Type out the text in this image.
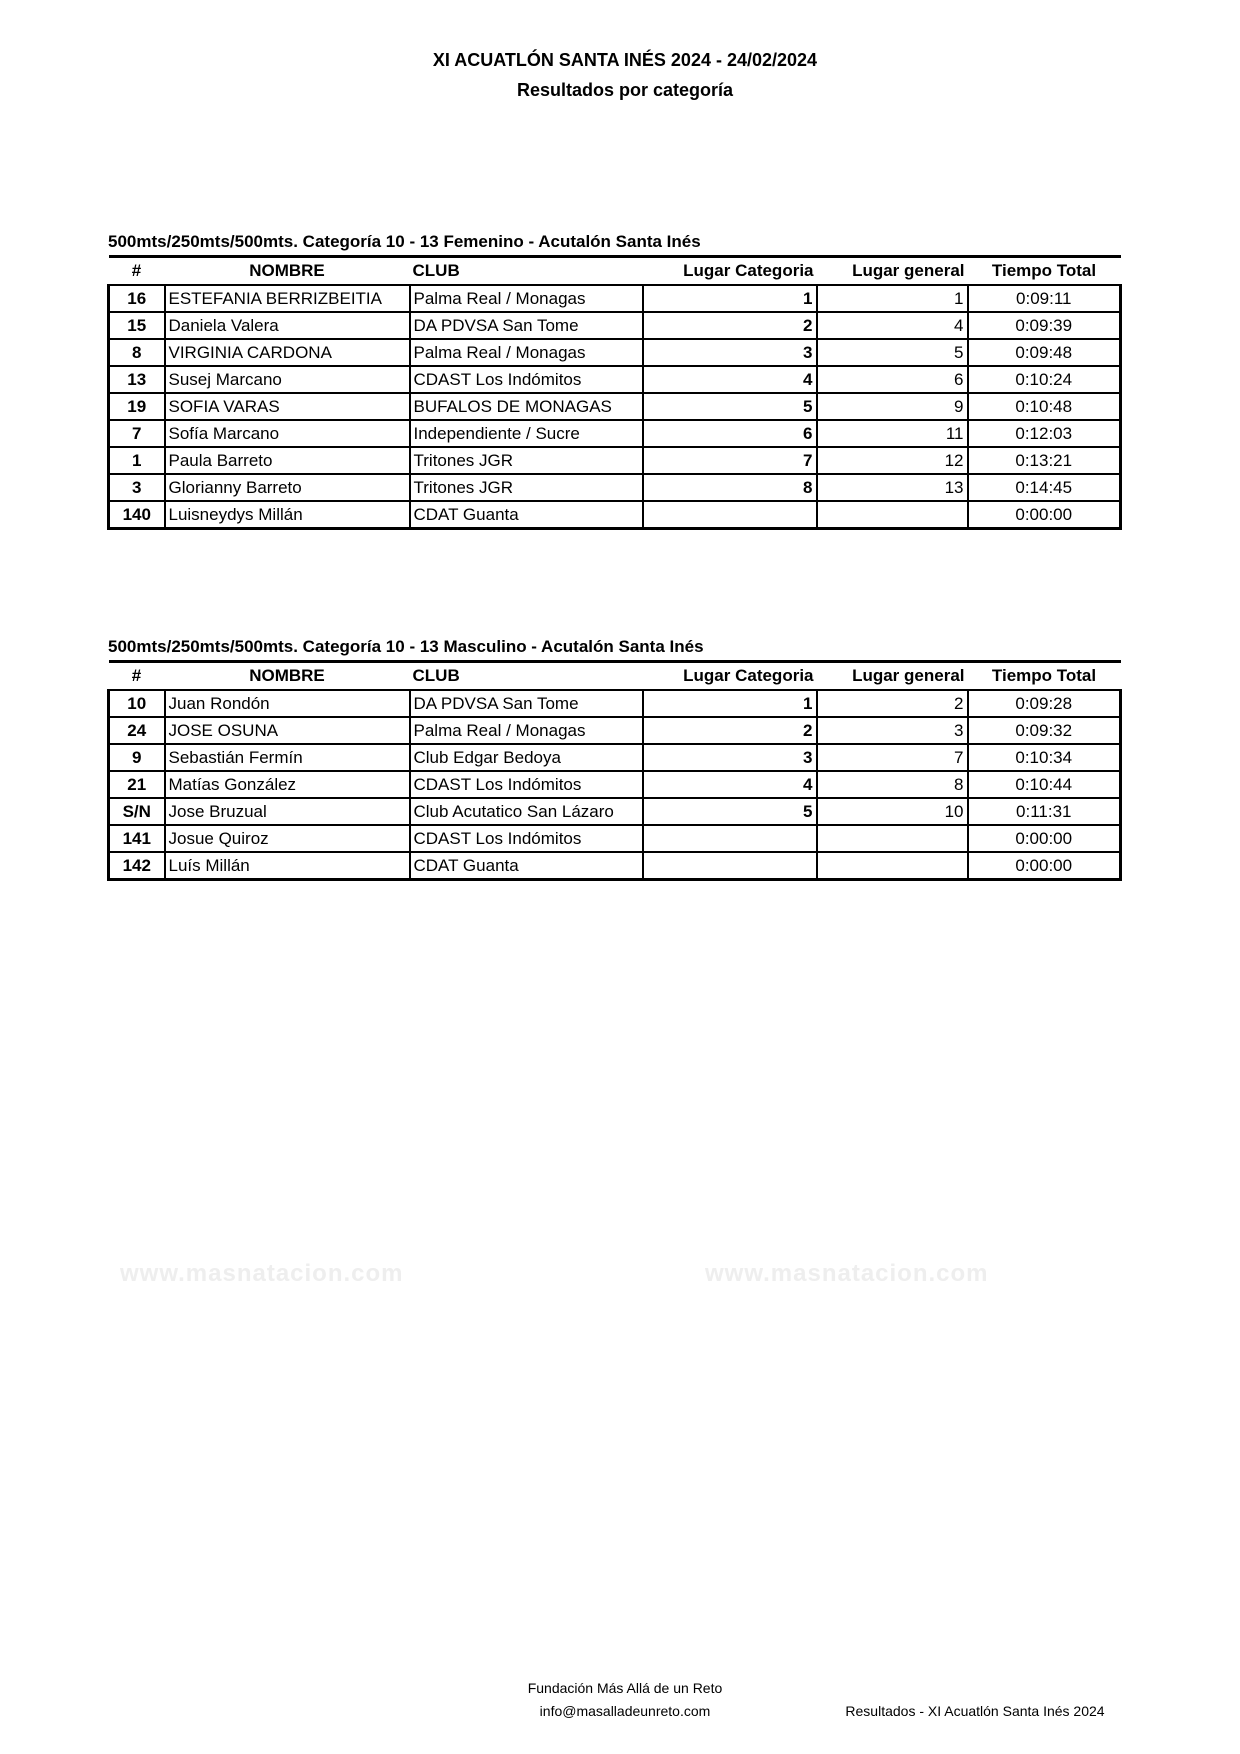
XI ACUATLÓN SANTA INÉS 2024 - 24/02/2024
Resultados por categoría
www.masnatacion.com	www.masnatacion.com
500mts/250mts/500mts. Categoría 10 - 13 Femenino - Acutalón Santa Inés
#	NOMBRE	CLUB	Lugar Categoria	Lugar general	Tiempo Total
16	ESTEFANIA BERRIZBEITIA	Palma Real / Monagas	1	1	0:09:11
15	Daniela Valera	DA PDVSA San Tome	2	4	0:09:39
8	VIRGINIA CARDONA	Palma Real / Monagas	3	5	0:09:48
13	Susej Marcano	CDAST Los Indómitos	4	6	0:10:24
19	SOFIA VARAS	BUFALOS DE MONAGAS	5	9	0:10:48
7	Sofía Marcano	Independiente / Sucre	6	11	0:12:03
1	Paula Barreto	Tritones JGR	7	12	0:13:21
3	Glorianny Barreto	Tritones JGR	8	13	0:14:45
140	Luisneydys Millán	CDAT Guanta			0:00:00
500mts/250mts/500mts. Categoría 10 - 13 Masculino - Acutalón Santa Inés
#	NOMBRE	CLUB	Lugar Categoria	Lugar general	Tiempo Total
10	Juan Rondón	DA PDVSA San Tome	1	2	0:09:28
24	JOSE OSUNA	Palma Real / Monagas	2	3	0:09:32
9	Sebastián Fermín	Club Edgar Bedoya	3	7	0:10:34
21	Matías González	CDAST Los Indómitos	4	8	0:10:44
S/N	Jose Bruzual	Club Acutatico San Lázaro	5	10	0:11:31
141	Josue Quiroz	CDAST Los Indómitos			0:00:00
142	Luís Millán	CDAT Guanta			0:00:00
Fundación Más Allá de un Reto
info@masalladeunreto.com	Resultados - XI Acuatlón Santa Inés 2024
